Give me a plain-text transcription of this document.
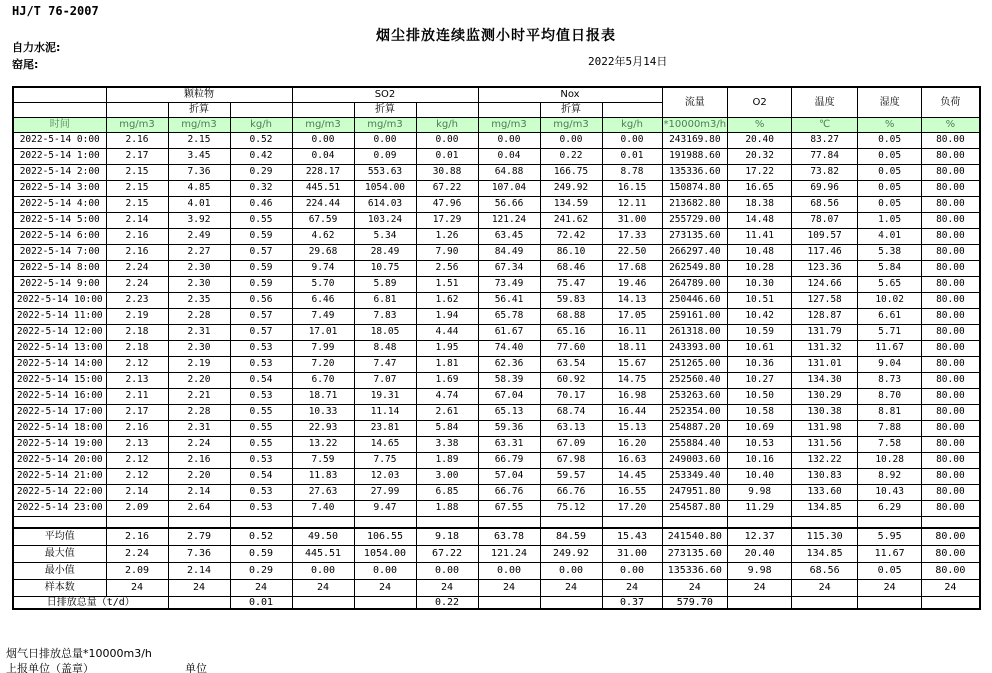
HJ/T 76-2007
烟尘排放连续监测小时平均值日报表
自力水泥:
窑尾:	2022年5月14日
	颗粒物			SO2			Nox			流量	O2	温度	湿度	负荷
		折算			折算			折算						
时间	mg/m3	mg/m3	kg/h	mg/m3	mg/m3	kg/h	mg/m3	mg/m3	kg/h	*10000m3/h	%	℃	%	%
2022-5-14 0:00	2.16	2.15	0.52	0.00	0.00	0.00	0.00	0.00	0.00	243169.80	20.40	83.27	0.05	80.00
2022-5-14 1:00	2.17	3.45	0.42	0.04	0.09	0.01	0.04	0.22	0.01	191988.60	20.32	77.84	0.05	80.00
2022-5-14 2:00	2.15	7.36	0.29	228.17	553.63	30.88	64.88	166.75	8.78	135336.60	17.22	73.82	0.05	80.00
2022-5-14 3:00	2.15	4.85	0.32	445.51	1054.00	67.22	107.04	249.92	16.15	150874.80	16.65	69.96	0.05	80.00
2022-5-14 4:00	2.15	4.01	0.46	224.44	614.03	47.96	56.66	134.59	12.11	213682.80	18.38	68.56	0.05	80.00
2022-5-14 5:00	2.14	3.92	0.55	67.59	103.24	17.29	121.24	241.62	31.00	255729.00	14.48	78.07	1.05	80.00
2022-5-14 6:00	2.16	2.49	0.59	4.62	5.34	1.26	63.45	72.42	17.33	273135.60	11.41	109.57	4.01	80.00
2022-5-14 7:00	2.16	2.27	0.57	29.68	28.49	7.90	84.49	86.10	22.50	266297.40	10.48	117.46	5.38	80.00
2022-5-14 8:00	2.24	2.30	0.59	9.74	10.75	2.56	67.34	68.46	17.68	262549.80	10.28	123.36	5.84	80.00
2022-5-14 9:00	2.24	2.30	0.59	5.70	5.89	1.51	73.49	75.47	19.46	264789.00	10.30	124.66	5.65	80.00
2022-5-14 10:00	2.23	2.35	0.56	6.46	6.81	1.62	56.41	59.83	14.13	250446.60	10.51	127.58	10.02	80.00
2022-5-14 11:00	2.19	2.28	0.57	7.49	7.83	1.94	65.78	68.88	17.05	259161.00	10.42	128.87	6.61	80.00
2022-5-14 12:00	2.18	2.31	0.57	17.01	18.05	4.44	61.67	65.16	16.11	261318.00	10.59	131.79	5.71	80.00
2022-5-14 13:00	2.18	2.30	0.53	7.99	8.48	1.95	74.40	77.60	18.11	243393.00	10.61	131.32	11.67	80.00
2022-5-14 14:00	2.12	2.19	0.53	7.20	7.47	1.81	62.36	63.54	15.67	251265.00	10.36	131.01	9.04	80.00
2022-5-14 15:00	2.13	2.20	0.54	6.70	7.07	1.69	58.39	60.92	14.75	252560.40	10.27	134.30	8.73	80.00
2022-5-14 16:00	2.11	2.21	0.53	18.71	19.31	4.74	67.04	70.17	16.98	253263.60	10.50	130.29	8.70	80.00
2022-5-14 17:00	2.17	2.28	0.55	10.33	11.14	2.61	65.13	68.74	16.44	252354.00	10.58	130.38	8.81	80.00
2022-5-14 18:00	2.16	2.31	0.55	22.93	23.81	5.84	59.36	63.13	15.13	254887.20	10.69	131.98	7.88	80.00
2022-5-14 19:00	2.13	2.24	0.55	13.22	14.65	3.38	63.31	67.09	16.20	255884.40	10.53	131.56	7.58	80.00
2022-5-14 20:00	2.12	2.16	0.53	7.59	7.75	1.89	66.79	67.98	16.63	249003.60	10.16	132.22	10.28	80.00
2022-5-14 21:00	2.12	2.20	0.54	11.83	12.03	3.00	57.04	59.57	14.45	253349.40	10.40	130.83	8.92	80.00
2022-5-14 22:00	2.14	2.14	0.53	27.63	27.99	6.85	66.76	66.76	16.55	247951.80	9.98	133.60	10.43	80.00
2022-5-14 23:00	2.09	2.64	0.53	7.40	9.47	1.88	67.55	75.12	17.20	254587.80	11.29	134.85	6.29	80.00

平均值	2.16	2.79	0.52	49.50	106.55	9.18	63.78	84.59	15.43	241540.80	12.37	115.30	5.95	80.00
最大值	2.24	7.36	0.59	445.51	1054.00	67.22	121.24	249.92	31.00	273135.60	20.40	134.85	11.67	80.00
最小值	2.09	2.14	0.29	0.00	0.00	0.00	0.00	0.00	0.00	135336.60	9.98	68.56	0.05	80.00
样本数	24	24	24	24	24	24	24	24	24	24	24	24	24	24
日排放总量（t/d）			0.01			0.22			0.37	579.70				
烟气日排放总量*10000m3/h
上报单位（盖章）	单位
